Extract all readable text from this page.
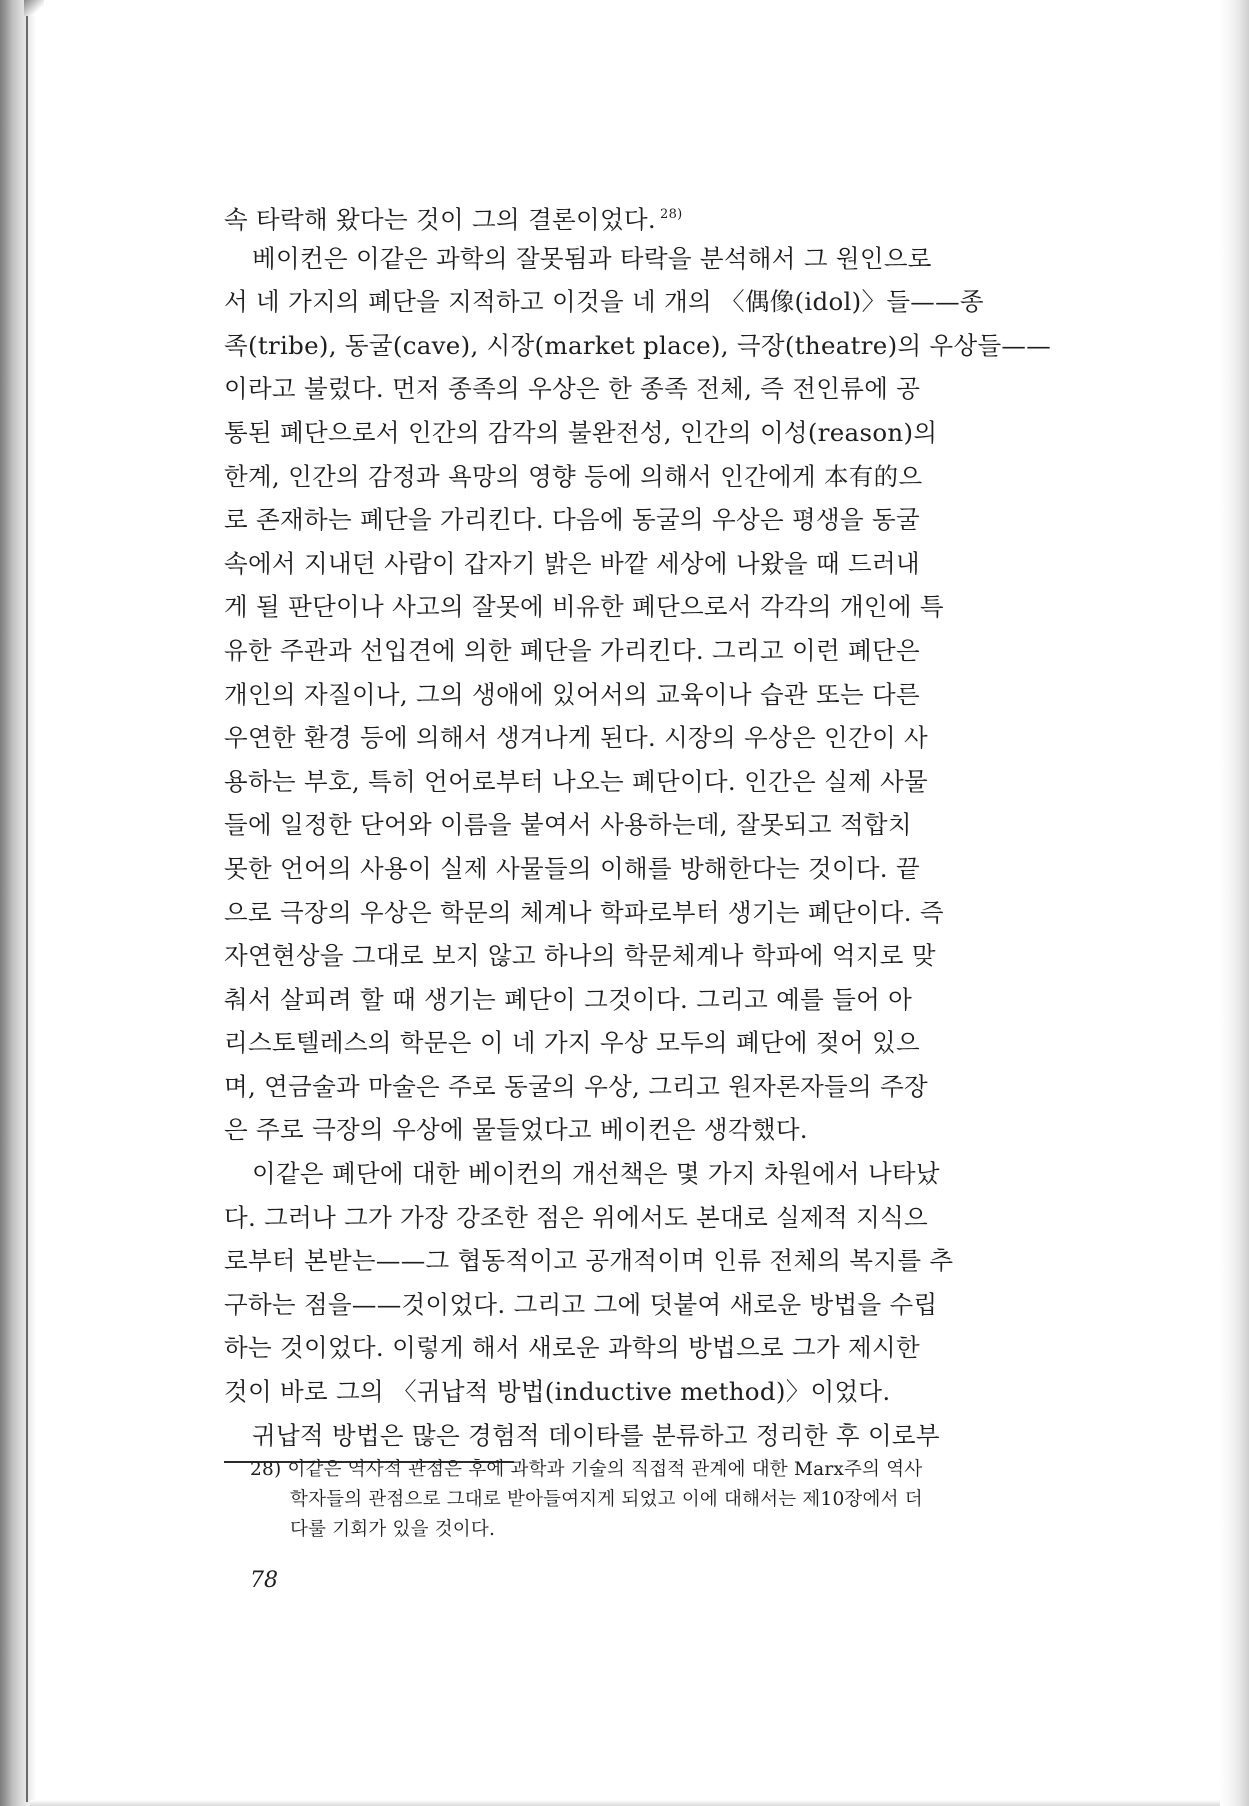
속 타락해 왔다는 것이 그의 결론이었다. $^{28)}$
베이컨은 이같은 과학의 잘못됨과 타락을 분석해서 그 원인으로
서 네 가지의 폐단을 지적하고 이것을 네 개의 〈偶像(idol)〉들——종
족(tribe), 동굴(cave), 시장(market place), 극장(theatre)의 우상들——
이라고 불렀다. 먼저 종족의 우상은 한 종족 전체, 즉 전인류에 공
통된 폐단으로서 인간의 감각의 불완전성, 인간의 이성(reason)의
한계, 인간의 감정과 욕망의 영향 등에 의해서 인간에게 本有的으
로 존재하는 폐단을 가리킨다. 다음에 동굴의 우상은 평생을 동굴
속에서 지내던 사람이 갑자기 밝은 바깥 세상에 나왔을 때 드러내
게 될 판단이나 사고의 잘못에 비유한 폐단으로서 각각의 개인에 특
유한 주관과 선입견에 의한 폐단을 가리킨다. 그리고 이런 폐단은
개인의 자질이나, 그의 생애에 있어서의 교육이나 습관 또는 다른
우연한 환경 등에 의해서 생겨나게 된다. 시장의 우상은 인간이 사
용하는 부호, 특히 언어로부터 나오는 폐단이다. 인간은 실제 사물
들에 일정한 단어와 이름을 붙여서 사용하는데, 잘못되고 적합치
못한 언어의 사용이 실제 사물들의 이해를 방해한다는 것이다. 끝
으로 극장의 우상은 학문의 체계나 학파로부터 생기는 폐단이다. 즉
자연현상을 그대로 보지 않고 하나의 학문체계나 학파에 억지로 맞
춰서 살피려 할 때 생기는 폐단이 그것이다. 그리고 예를 들어 아
리스토텔레스의 학문은 이 네 가지 우상 모두의 폐단에 젖어 있으
며, 연금술과 마술은 주로 동굴의 우상, 그리고 원자론자들의 주장
은 주로 극장의 우상에 물들었다고 베이컨은 생각했다.
이같은 폐단에 대한 베이컨의 개선책은 몇 가지 차원에서 나타났
다. 그러나 그가 가장 강조한 점은 위에서도 본대로 실제적 지식으
로부터 본받는——그 협동적이고 공개적이며 인류 전체의 복지를 추
구하는 점을——것이었다. 그리고 그에 덧붙여 새로운 방법을 수립
하는 것이었다. 이렇게 해서 새로운 과학의 방법으로 그가 제시한
것이 바로 그의 〈귀납적 방법(inductive method)〉이었다.
귀납적 방법은 많은 경험적 데이타를 분류하고 정리한 후 이로부
28) 이같은 역사적 관점은 후에 과학과 기술의 직접적 관계에 대한 Marx주의 역사
학자들의 관점으로 그대로 받아들여지게 되었고 이에 대해서는 제10장에서 더
다룰 기회가 있을 것이다.
78
